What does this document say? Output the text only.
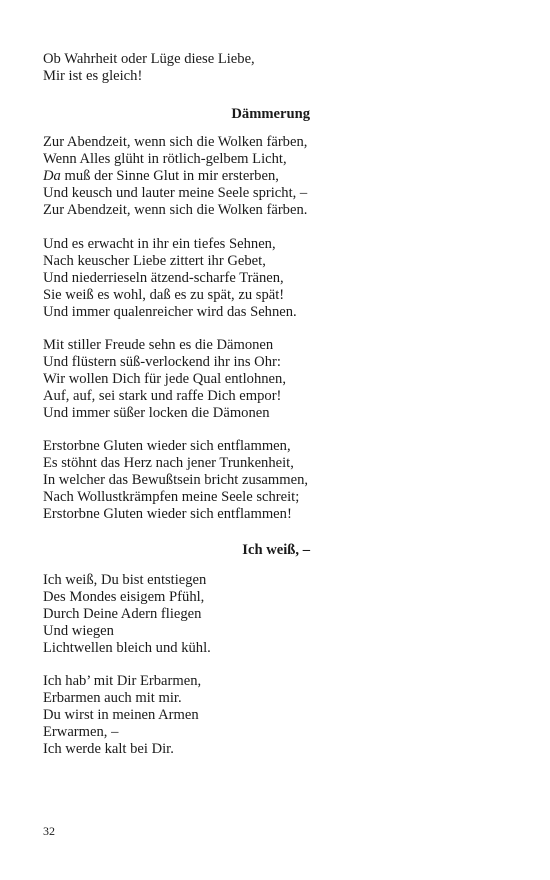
Ob Wahrheit oder Lüge diese Liebe,
Mir ist es gleich!
Dämmerung
Zur Abendzeit, wenn sich die Wolken färben,
Wenn Alles glüht in rötlich-gelbem Licht,
Da muß der Sinne Glut in mir ersterben,
Und keusch und lauter meine Seele spricht, –
Zur Abendzeit, wenn sich die Wolken färben.
Und es erwacht in ihr ein tiefes Sehnen,
Nach keuscher Liebe zittert ihr Gebet,
Und niederrieseln ätzend-scharfe Tränen,
Sie weiß es wohl, daß es zu spät, zu spät!
Und immer qualenreicher wird das Sehnen.
Mit stiller Freude sehn es die Dämonen
Und flüstern süß-verlockend ihr ins Ohr:
Wir wollen Dich für jede Qual entlohnen,
Auf, auf, sei stark und raffe Dich empor!
Und immer süßer locken die Dämonen
Erstorbne Gluten wieder sich entflammen,
Es stöhnt das Herz nach jener Trunkenheit,
In welcher das Bewußtsein bricht zusammen,
Nach Wollustkrämpfen meine Seele schreit;
Erstorbne Gluten wieder sich entflammen!
Ich weiß, –
Ich weiß, Du bist entstiegen
Des Mondes eisigem Pfühl,
Durch Deine Adern fliegen
Und wiegen
Lichtwellen bleich und kühl.
Ich hab’ mit Dir Erbarmen,
Erbarmen auch mit mir.
Du wirst in meinen Armen
Erwarmen, –
Ich werde kalt bei Dir.
32
